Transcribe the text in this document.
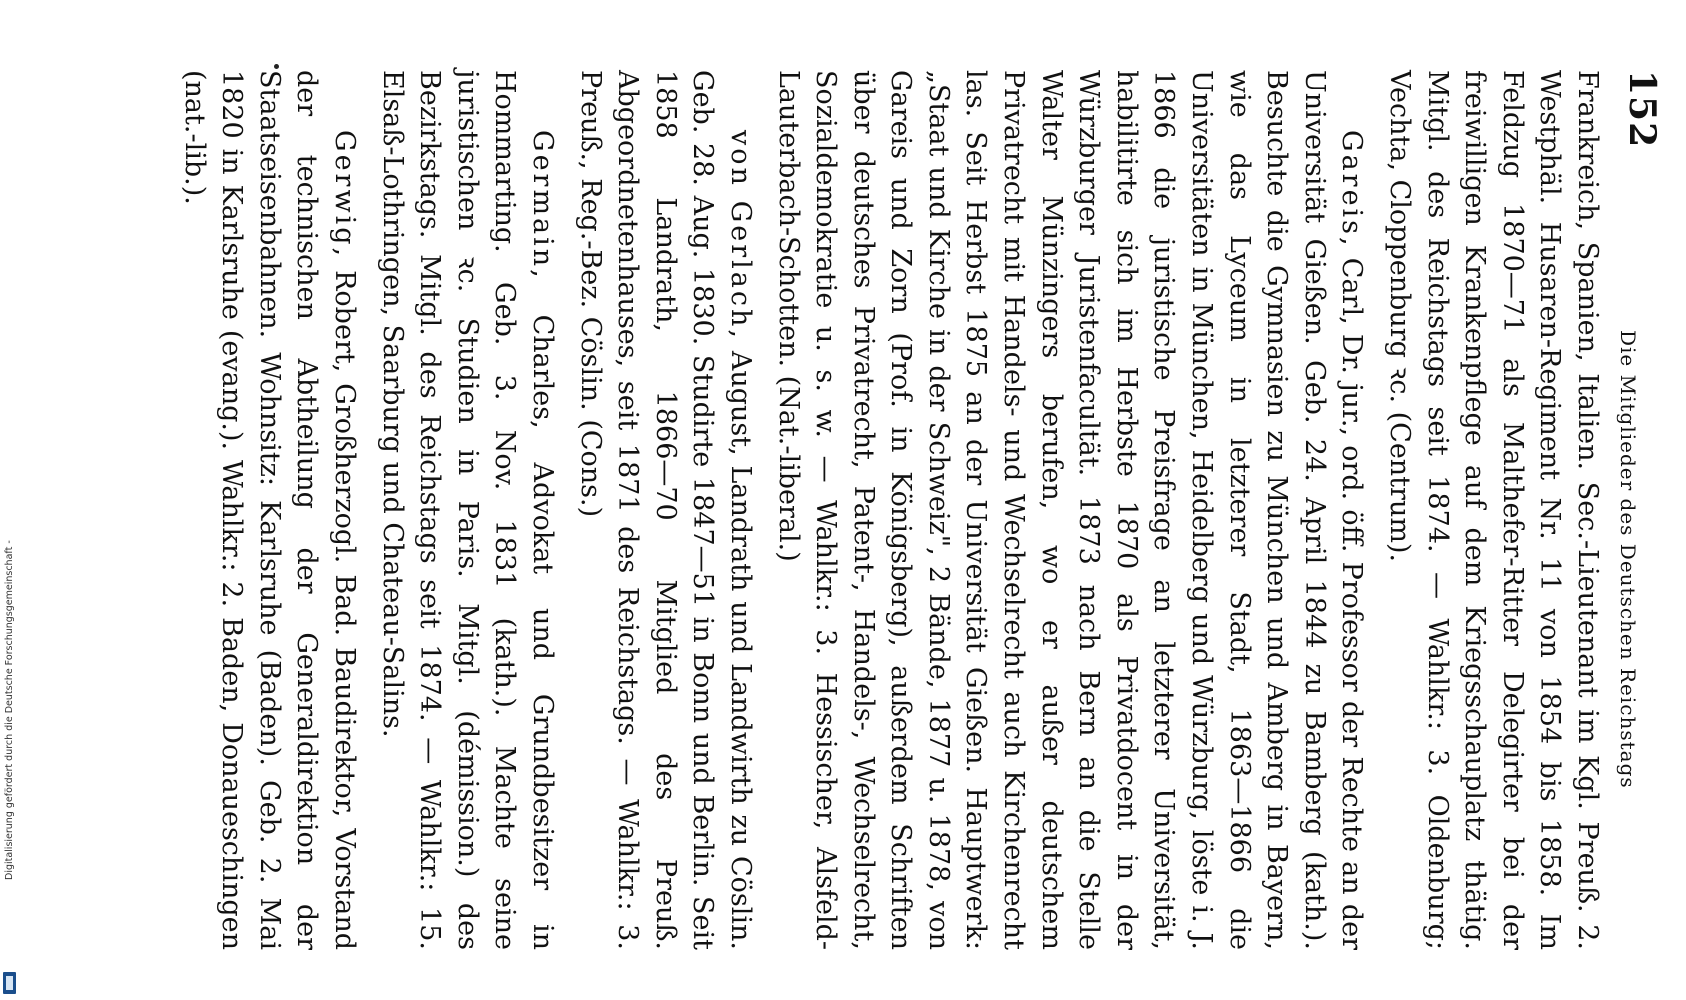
152
Die Mitglieder des Deutschen Reichstags

Frankreich, Spanien, Italien. Sec.-Lieutenant im Kgl. Preuß. 2. Westphäl. Husaren-Regiment Nr. 11 von 1854 bis 1858. Im Feldzug 1870—71 als Malthefer-Ritter Delegirter bei der freiwilligen Krankenpflege auf dem Kriegsschauplatz thätig. Mitgl. des Reichstags seit 1874. — Wahlkr.: 3. Oldenburg; Vechta, Cloppenburg ꝛc. (Centrum).

Gareis, Carl, Dr. jur., ord. öff. Professor der Rechte an der Universität Gießen. Geb. 24. April 1844 zu Bamberg (kath.). Besuchte die Gymnasien zu München und Amberg in Bayern, wie das Lyceum in letzterer Stadt, 1863—1866 die Universitäten in München, Heidelberg und Würzburg, löste i. J. 1866 die juristische Preisfrage an letzterer Universität, habilitirte sich im Herbste 1870 als Privatdocent in der Würzburger Juristenfacultät. 1873 nach Bern an die Stelle Walter Münzingers berufen, wo er außer deutschem Privatrecht mit Handels- und Wechselrecht auch Kirchenrecht las. Seit Herbst 1875 an der Universität Gießen. Hauptwerk: „Staat und Kirche in der Schweiz", 2 Bände, 1877 u. 1878, von Gareis und Zorn (Prof. in Königsberg), außerdem Schriften über deutsches Privatrecht, Patent-, Handels-, Wechselrecht, Sozialdemokratie u. s. w. — Wahlkr.: 3. Hessischer, Alsfeld-Lauterbach-Schotten. (Nat.-liberal.)

von Gerlach, August, Landrath und Landwirth zu Cöslin. Geb. 28. Aug. 1830. Studirte 1847—51 in Bonn und Berlin. Seit 1858 Landrath, 1866—70 Mitglied des Preuß. Abgeordnetenhauses, seit 1871 des Reichstags. — Wahlkr.: 3. Preuß., Reg.-Bez. Cöslin. (Cons.)

Germain, Charles, Advokat und Grundbesitzer in Hommarting. Geb. 3. Nov. 1831 (kath.). Machte seine juristischen ꝛc. Studien in Paris. Mitgl. (démission.) des Bezirkstags. Mitgl. des Reichstags seit 1874. — Wahlkr.: 15. Elsaß-Lothringen, Saarburg und Chateau-Salins.

Gerwig, Robert, Großherzogl. Bad. Baudirektor, Vorstand der technischen Abtheilung der Generaldirektion der Staatseisenbahnen. Wohnsitz: Karlsruhe (Baden). Geb. 2. Mai 1820 in Karlsruhe (evang.). Wahlkr.: 2. Baden, Donaueschingen (nat.-lib.).

Digitalisierung gefördert durch die Deutsche Forschungsgemeinschaft -
